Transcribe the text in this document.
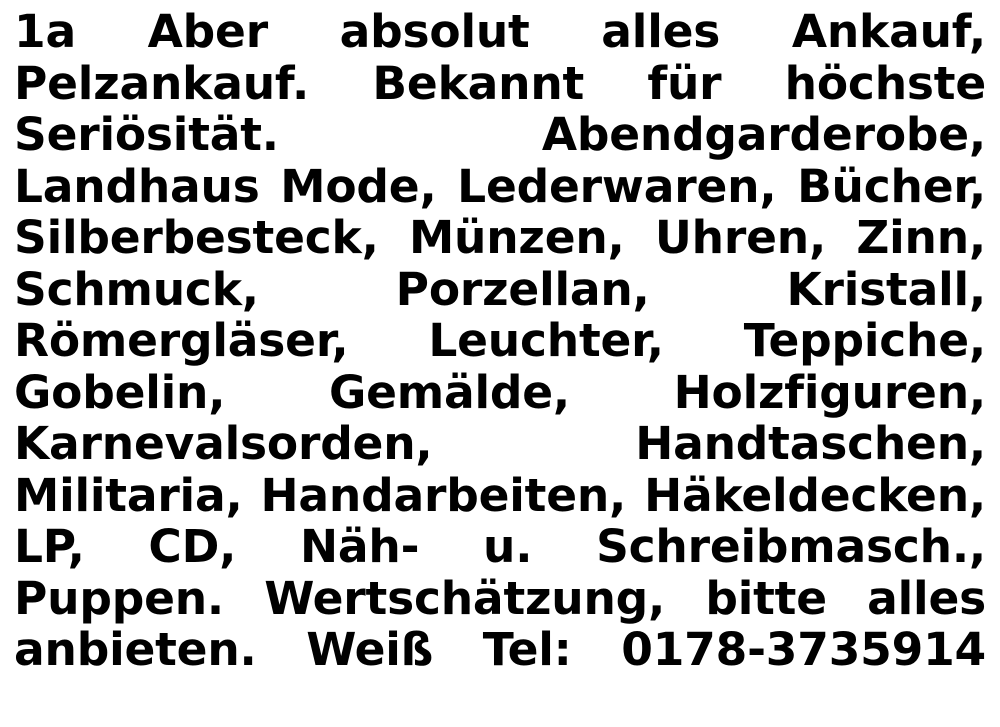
1a Aber absolut alles Ankauf, Pelzankauf. Bekannt für höchste Seriösität. Abendgarderobe, Landhaus Mode, Lederwaren, Bücher, Silberbesteck, Münzen, Uhren, Zinn, Schmuck, Porzellan, Kristall, Römergläser, Leuchter, Teppiche, Gobelin, Gemälde, Holzfiguren, Karnevalsorden, Handtaschen, Militaria, Handarbeiten, Häkeldecken, LP, CD, Näh- u. Schreibmasch., Puppen. Wertschätzung, bitte alles anbieten. Weiß Tel: 0178-3735914
